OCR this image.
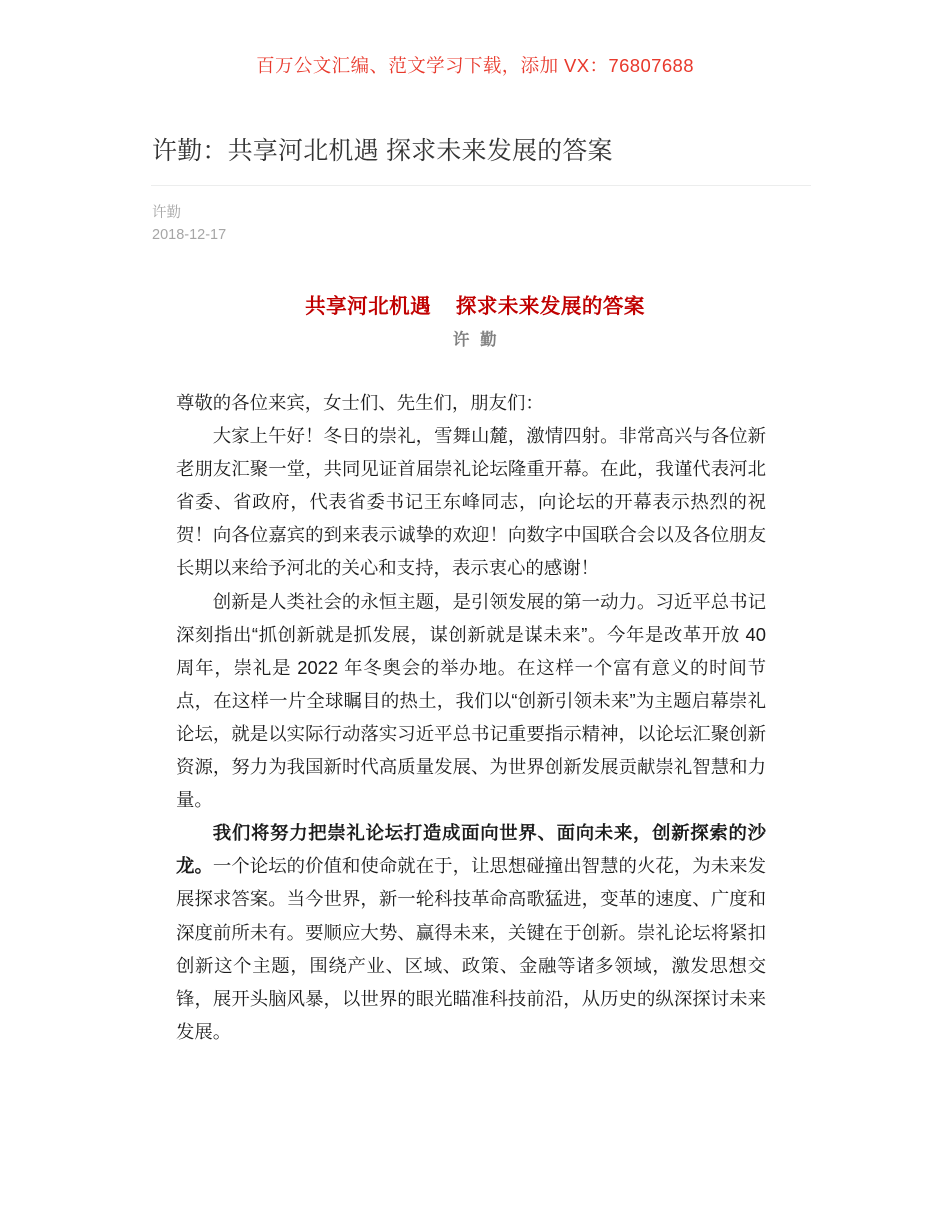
百万公文汇编、范文学习下载，添加 VX：76807688
许勤：共享河北机遇 探求未来发展的答案
许勤
2018-12-17
共享河北机遇    探求未来发展的答案
许  勤

尊敬的各位来宾，女士们、先生们，朋友们：

大家上午好！冬日的崇礼，雪舞山麓，激情四射。非常高兴与各位新老朋友汇聚一堂，共同见证首届崇礼论坛隆重开幕。在此，我谨代表河北省委、省政府，代表省委书记王东峰同志，向论坛的开幕表示热烈的祝贺！向各位嘉宾的到来表示诚挚的欢迎！向数字中国联合会以及各位朋友长期以来给予河北的关心和支持，表示衷心的感谢！

创新是人类社会的永恒主题，是引领发展的第一动力。习近平总书记深刻指出“抓创新就是抓发展，谋创新就是谋未来”。今年是改革开放 40 周年，崇礼是 2022 年冬奥会的举办地。在这样一个富有意义的时间节点，在这样一片全球瞩目的热土，我们以“创新引领未来”为主题启幕崇礼论坛，就是以实际行动落实习近平总书记重要指示精神，以论坛汇聚创新资源，努力为我国新时代高质量发展、为世界创新发展贡献崇礼智慧和力量。

我们将努力把崇礼论坛打造成面向世界、面向未来，创新探索的沙龙。一个论坛的价值和使命就在于，让思想碰撞出智慧的火花，为未来发展探求答案。当今世界，新一轮科技革命高歌猛进，变革的速度、广度和深度前所未有。要顺应大势、赢得未来，关键在于创新。崇礼论坛将紧扣创新这个主题，围绕产业、区域、政策、金融等诸多领域，激发思想交锋，展开头脑风暴，以世界的眼光瞄准科技前沿，从历史的纵深探讨未来发展。
